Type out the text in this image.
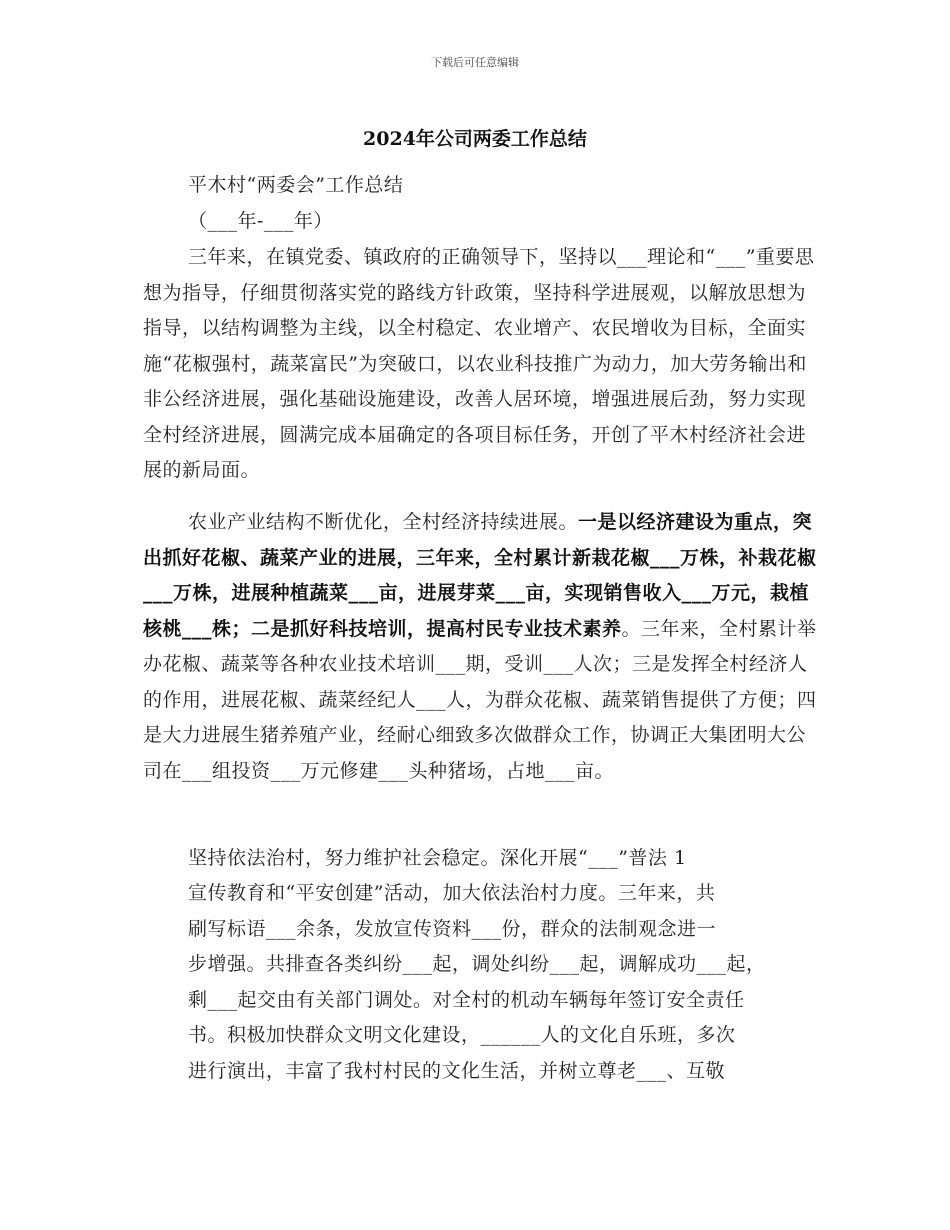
下载后可任意编辑
2024年公司两委工作总结
平木村“两委会”工作总结
（___年-___年）

三年来，在镇党委、镇政府的正确领导下，坚持以___理论和“___”重要思想为指导，仔细贯彻落实党的路线方针政策，坚持科学进展观，以解放思想为指导，以结构调整为主线，以全村稳定、农业增产、农民增收为目标，全面实施“花椒强村，蔬菜富民”为突破口，以农业科技推广为动力，加大劳务输出和非公经济进展，强化基础设施建设，改善人居环境，增强进展后劲，努力实现全村经济进展，圆满完成本届确定的各项目标任务，开创了平木村经济社会进展的新局面。

农业产业结构不断优化，全村经济持续进展。一是以经济建设为重点，突出抓好花椒、蔬菜产业的进展，三年来，全村累计新栽花椒___万株，补栽花椒___万株，进展种植蔬菜___亩，进展芽菜___亩，实现销售收入___万元，栽植核桃___株；二是抓好科技培训，提高村民专业技术素养。三年来，全村累计举办花椒、蔬菜等各种农业技术培训___期，受训___人次；三是发挥全村经济人的作用，进展花椒、蔬菜经纪人___人，为群众花椒、蔬菜销售提供了方便；四是大力进展生猪养殖产业，经耐心细致多次做群众工作，协调正大集团明大公司在___组投资___万元修建___头种猪场，占地___亩。

坚持依法治村，努力维护社会稳定。深化开展“___”普法 1
宣传教育和“平安创建”活动，加大依法治村力度。三年来，共
刷写标语___余条，发放宣传资料___份，群众的法制观念进一
步增强。共排查各类纠纷___起，调处纠纷___起，调解成功___起，
剩___起交由有关部门调处。对全村的机动车辆每年签订安全责任
书。积极加快群众文明文化建设，______人的文化自乐班，多次
进行演出，丰富了我村村民的文化生活，并树立尊老___、互敬
